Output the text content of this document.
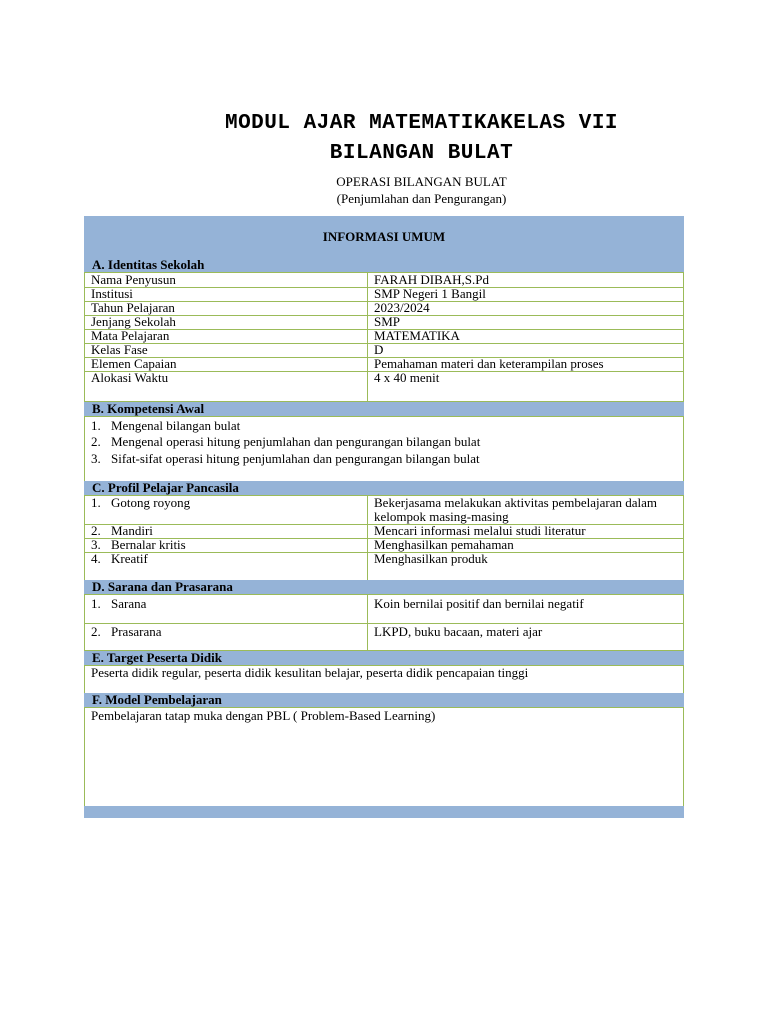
MODUL AJAR MATEMATIKAKELAS VII
BILANGAN BULAT
OPERASI BILANGAN BULAT
(Penjumlahan dan Pengurangan)
INFORMASI UMUM
A. Identitas Sekolah
Nama Penyusun	FARAH DIBAH,S.Pd
Institusi	SMP Negeri 1 Bangil
Tahun Pelajaran	2023/2024
Jenjang Sekolah	SMP
Mata Pelajaran	MATEMATIKA
Kelas Fase	D
Elemen Capaian	Pemahaman materi dan keterampilan proses
Alokasi Waktu	4 x 40 menit
B. Kompetensi Awal
1. Mengenal bilangan bulat
2. Mengenal operasi hitung penjumlahan dan pengurangan bilangan bulat
3. Sifat-sifat operasi hitung penjumlahan dan pengurangan bilangan bulat
C. Profil Pelajar Pancasila
1. Gotong royong	Bekerjasama melakukan aktivitas pembelajaran dalam kelompok masing-masing
2. Mandiri	Mencari informasi melalui studi literatur
3. Bernalar kritis	Menghasilkan pemahaman
4. Kreatif	Menghasilkan produk
D. Sarana dan Prasarana
1. Sarana	Koin bernilai positif dan bernilai negatif
2. Prasarana	LKPD, buku bacaan, materi ajar
E. Target Peserta Didik
Peserta didik regular, peserta didik kesulitan belajar, peserta didik pencapaian tinggi
F. Model Pembelajaran
Pembelajaran tatap muka dengan PBL ( Problem-Based Learning)
